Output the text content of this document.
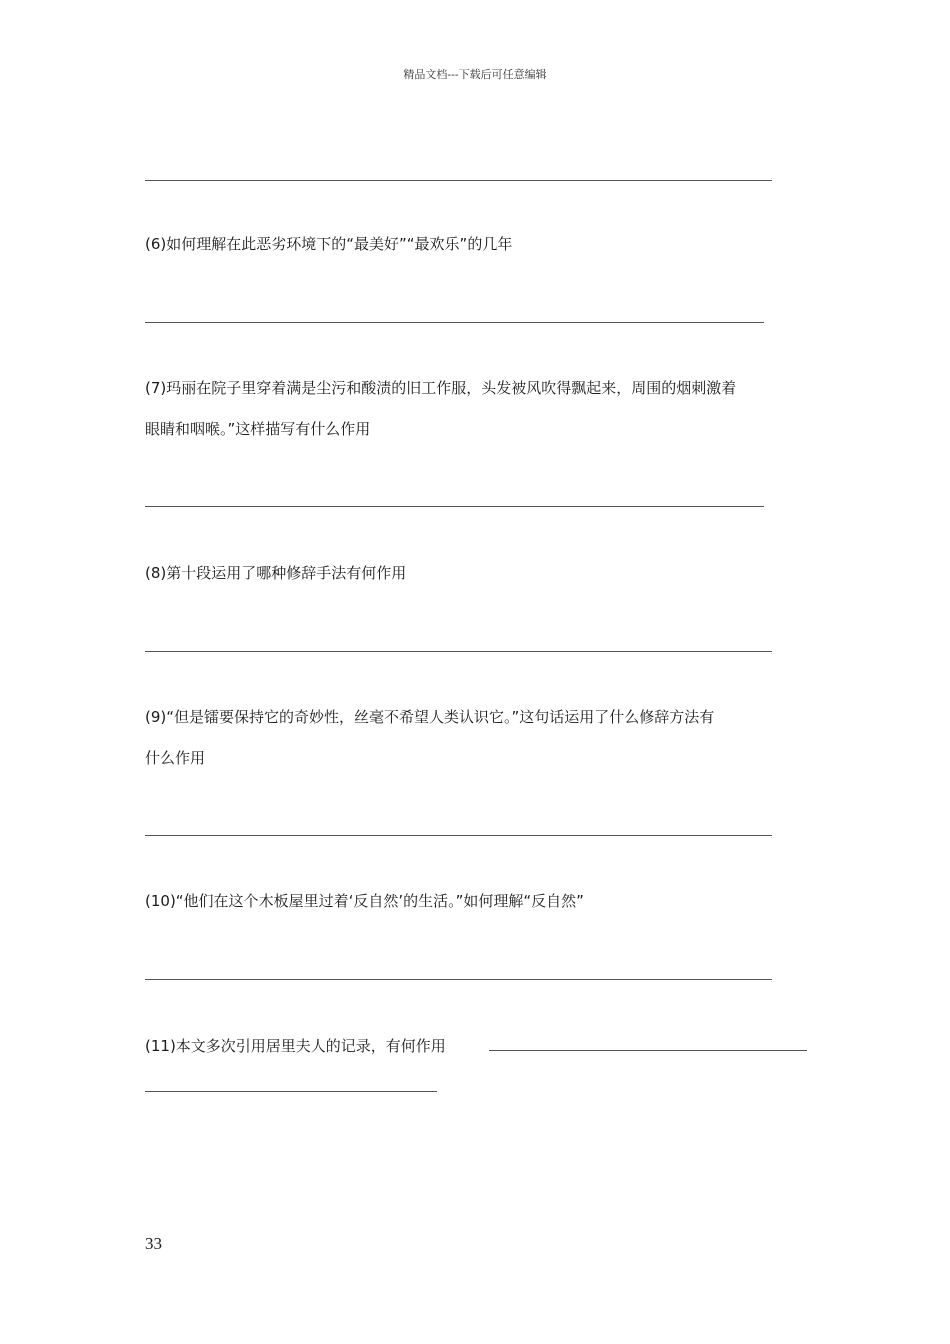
精品文档---下载后可任意编辑
(6)如何理解在此恶劣环境下的“最美好”“最欢乐”的几年
(7)玛丽在院子里穿着满是尘污和酸渍的旧工作服，头发被风吹得飘起来，周围的烟刺激着
眼睛和咽喉。”这样描写有什么作用
(8)第十段运用了哪种修辞手法有何作用
(9)“但是镭要保持它的奇妙性，丝毫不希望人类认识它。”这句话运用了什么修辞方法有
什么作用
(10)“他们在这个木板屋里过着‘反自然’的生活。”如何理解“反自然”
(11)本文多次引用居里夫人的记录，有何作用
33
